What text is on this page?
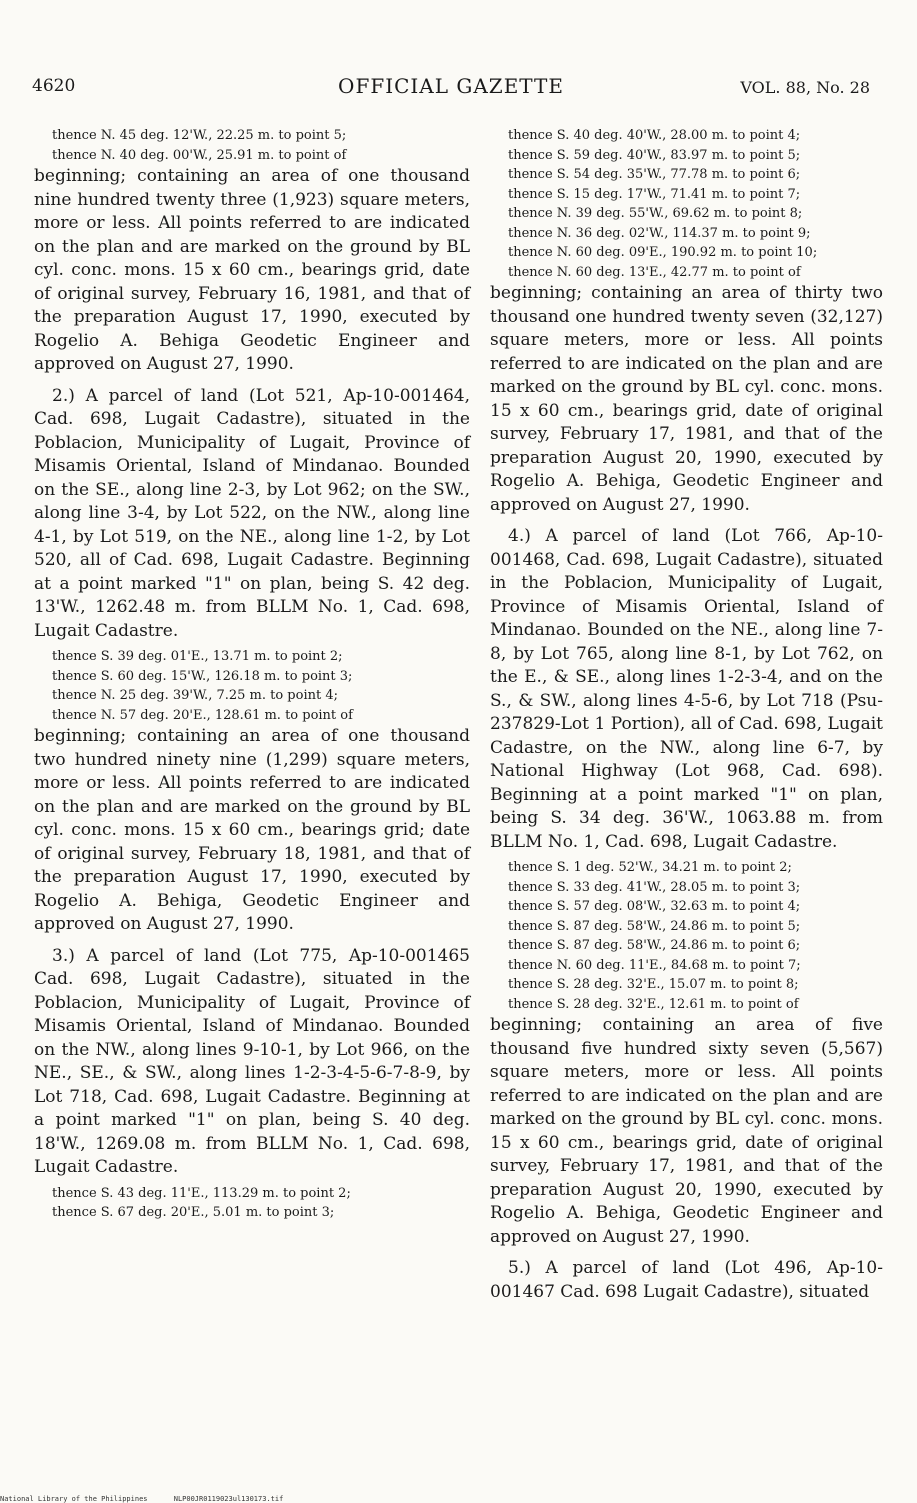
4620	OFFICIAL GAZETTE	VOL. 88, No. 28
thence N. 45 deg. 12'W., 22.25 m. to point 5;
thence N. 40 deg. 00'W., 25.91 m. to point of

beginning; containing an area of one thousand nine hundred twenty three (1,923) square meters, more or less. All points referred to are indicated on the plan and are marked on the ground by BL cyl. conc. mons. 15 x 60 cm., bearings grid, date of original survey, February 16, 1981, and that of the preparation August 17, 1990, executed by Rogelio A. Behiga Geodetic Engineer and approved on August 27, 1990.

2.) A parcel of land (Lot 521, Ap-10-001464, Cad. 698, Lugait Cadastre), situated in the Poblacion, Municipality of Lugait, Province of Misamis Oriental, Island of Mindanao. Bounded on the SE., along line 2-3, by Lot 962; on the SW., along line 3-4, by Lot 522, on the NW., along line 4-1, by Lot 519, on the NE., along line 1-2, by Lot 520, all of Cad. 698, Lugait Cadastre. Beginning at a point marked "1" on plan, being S. 42 deg. 13'W., 1262.48 m. from BLLM No. 1, Cad. 698, Lugait Cadastre.

thence S. 39 deg. 01'E., 13.71 m. to point 2;
thence S. 60 deg. 15'W., 126.18 m. to point 3;
thence N. 25 deg. 39'W., 7.25 m. to point 4;
thence N. 57 deg. 20'E., 128.61 m. to point of

beginning; containing an area of one thousand two hundred ninety nine (1,299) square meters, more or less. All points referred to are indicated on the plan and are marked on the ground by BL cyl. conc. mons. 15 x 60 cm., bearings grid; date of original survey, February 18, 1981, and that of the preparation August 17, 1990, executed by Rogelio A. Behiga, Geodetic Engineer and approved on August 27, 1990.

3.) A parcel of land (Lot 775, Ap-10-001465 Cad. 698, Lugait Cadastre), situated in the Poblacion, Municipality of Lugait, Province of Misamis Oriental, Island of Mindanao. Bounded on the NW., along lines 9-10-1, by Lot 966, on the NE., SE., & SW., along lines 1-2-3-4-5-6-7-8-9, by Lot 718, Cad. 698, Lugait Cadastre. Beginning at a point marked "1" on plan, being S. 40 deg. 18'W., 1269.08 m. from BLLM No. 1, Cad. 698, Lugait Cadastre.

thence S. 43 deg. 11'E., 113.29 m. to point 2;
thence S. 67 deg. 20'E., 5.01 m. to point 3;
thence S. 40 deg. 40'W., 28.00 m. to point 4;
thence S. 59 deg. 40'W., 83.97 m. to point 5;
thence S. 54 deg. 35'W., 77.78 m. to point 6;
thence S. 15 deg. 17'W., 71.41 m. to point 7;
thence N. 39 deg. 55'W., 69.62 m. to point 8;
thence N. 36 deg. 02'W., 114.37 m. to point 9;
thence N. 60 deg. 09'E., 190.92 m. to point 10;
thence N. 60 deg. 13'E., 42.77 m. to point of

beginning; containing an area of thirty two thousand one hundred twenty seven (32,127) square meters, more or less. All points referred to are indicated on the plan and are marked on the ground by BL cyl. conc. mons. 15 x 60 cm., bearings grid, date of original survey, February 17, 1981, and that of the preparation August 20, 1990, executed by Rogelio A. Behiga, Geodetic Engineer and approved on August 27, 1990.

4.) A parcel of land (Lot 766, Ap-10-001468, Cad. 698, Lugait Cadastre), situated in the Poblacion, Municipality of Lugait, Province of Misamis Oriental, Island of Mindanao. Bounded on the NE., along line 7-8, by Lot 765, along line 8-1, by Lot 762, on the E., & SE., along lines 1-2-3-4, and on the S., & SW., along lines 4-5-6, by Lot 718 (Psu-237829-Lot 1 Portion), all of Cad. 698, Lugait Cadastre, on the NW., along line 6-7, by National Highway (Lot 968, Cad. 698). Beginning at a point marked "1" on plan, being S. 34 deg. 36'W., 1063.88 m. from BLLM No. 1, Cad. 698, Lugait Cadastre.

thence S. 1 deg. 52'W., 34.21 m. to point 2;
thence S. 33 deg. 41'W., 28.05 m. to point 3;
thence S. 57 deg. 08'W., 32.63 m. to point 4;
thence S. 87 deg. 58'W., 24.86 m. to point 5;
thence S. 87 deg. 58'W., 24.86 m. to point 6;
thence N. 60 deg. 11'E., 84.68 m. to point 7;
thence S. 28 deg. 32'E., 15.07 m. to point 8;
thence S. 28 deg. 32'E., 12.61 m. to point of

beginning; containing an area of five thousand five hundred sixty seven (5,567) square meters, more or less. All points referred to are indicated on the plan and are marked on the ground by BL cyl. conc. mons. 15 x 60 cm., bearings grid, date of original survey, February 17, 1981, and that of the preparation August 20, 1990, executed by Rogelio A. Behiga, Geodetic Engineer and approved on August 27, 1990.

5.) A parcel of land (Lot 496, Ap-10-001467 Cad. 698 Lugait Cadastre), situated

National Library of the Philippines	NLP00JR0119023ul130173.tif
